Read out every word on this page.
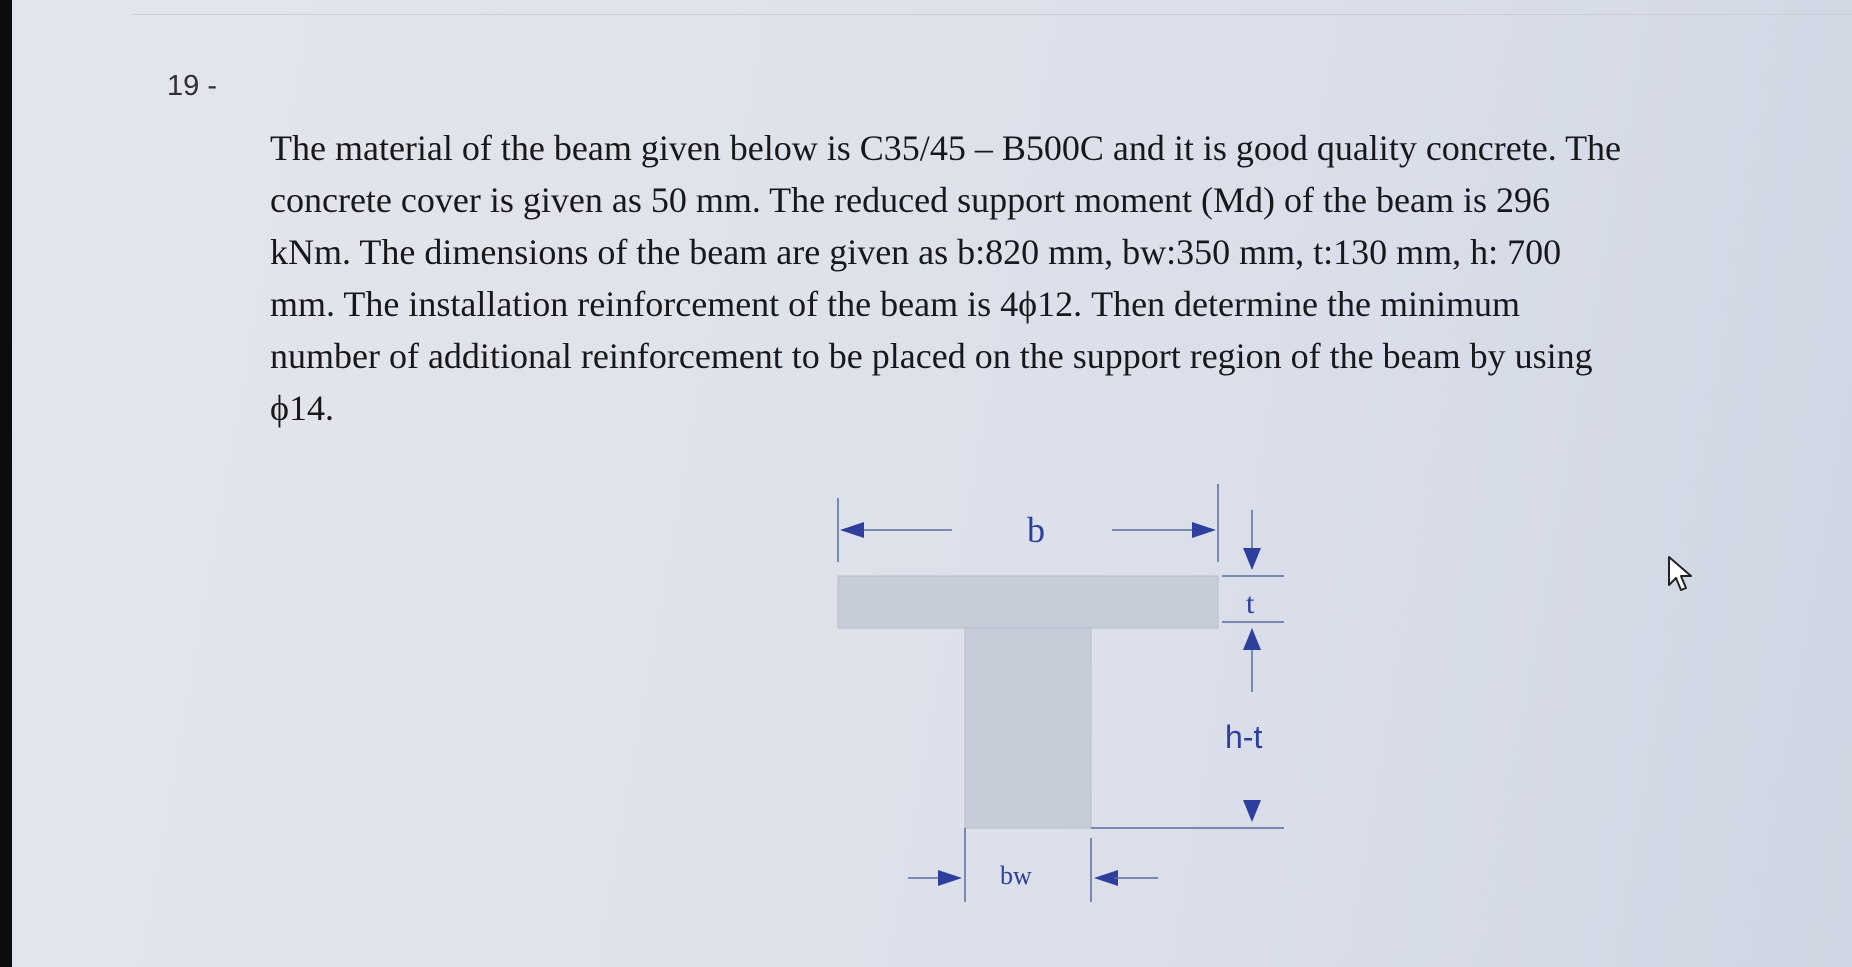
19 -
The material of the beam given below is C35/45 – B500C and it is good quality concrete. The
concrete cover is given as 50 mm. The reduced support moment (Md) of the beam is 296
kNm. The dimensions of the beam are given as b:820 mm, bw:350 mm, t:130 mm, h: 700
mm. The installation reinforcement of the beam is 4ϕ12. Then determine the minimum
number of additional reinforcement to be placed on the support region of the beam by using
ϕ14.
b
t
h-t
bw
